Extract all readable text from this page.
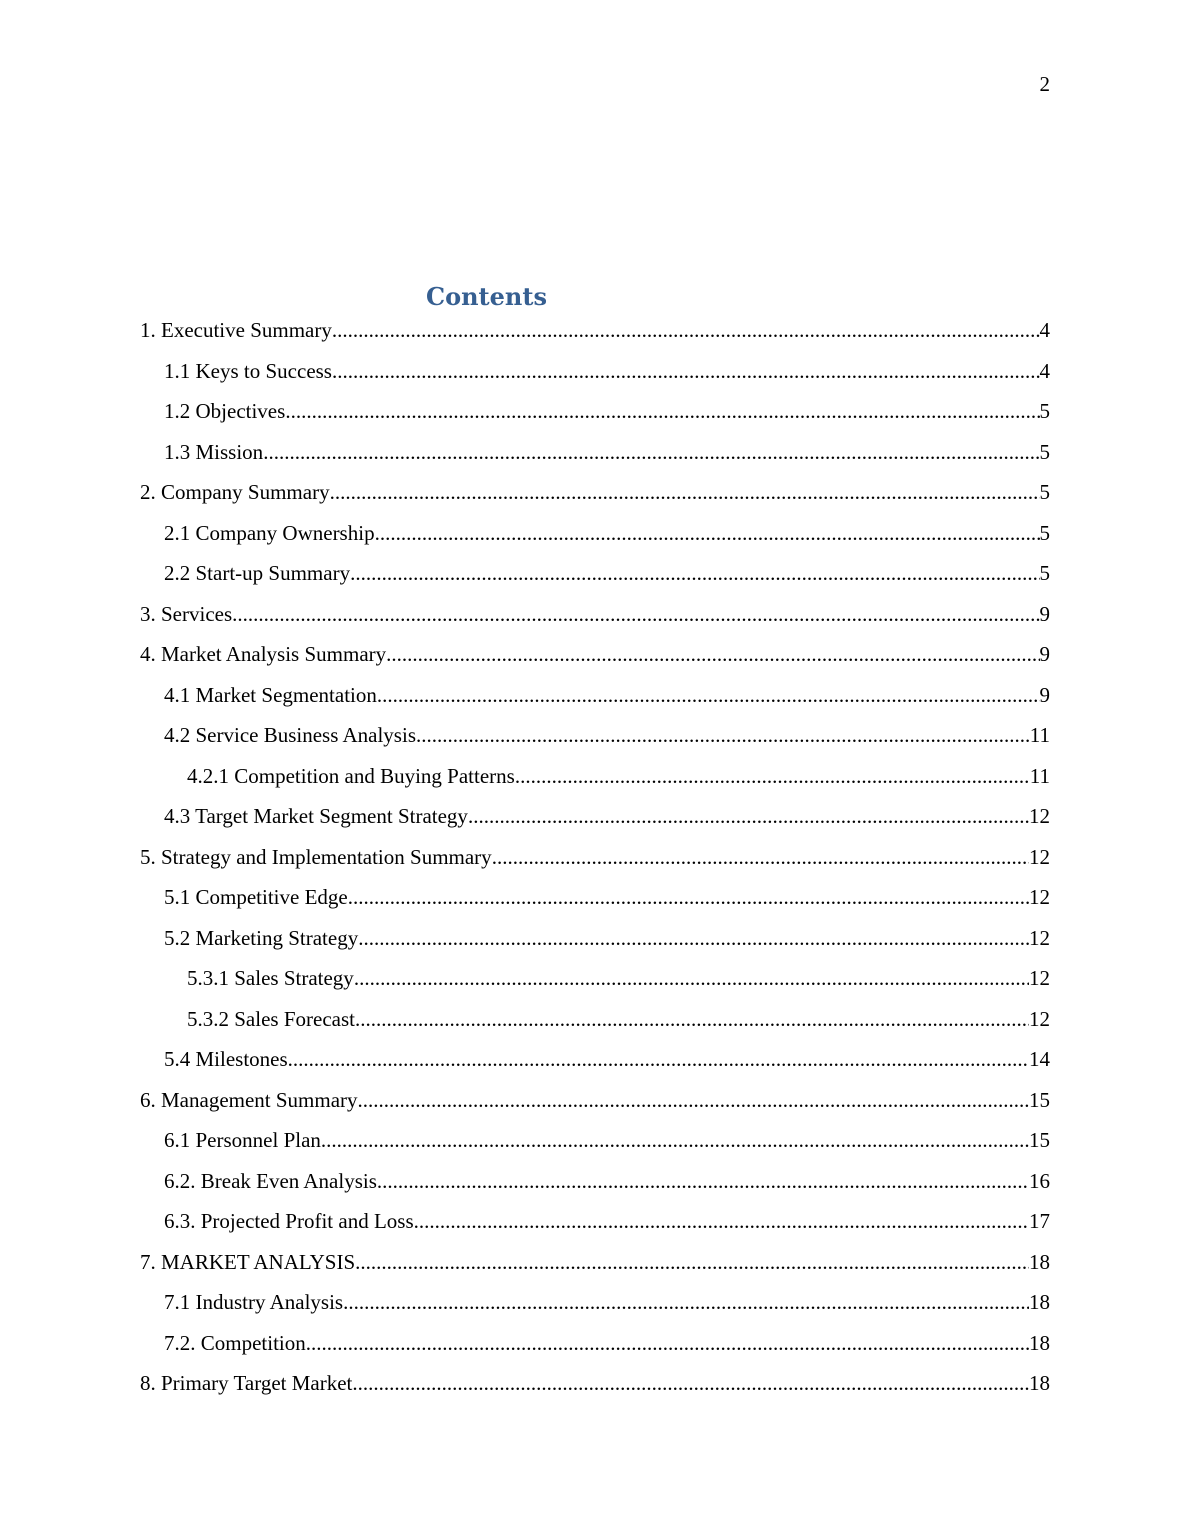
2
Contents
1. Executive Summary .....	4
1.1 Keys to Success .....	4
1.2 Objectives .....	5
1.3 Mission .....	5
2. Company Summary .....	5
2.1 Company Ownership .....	5
2.2 Start-up Summary .....	5
3. Services .....	9
4. Market Analysis Summary .....	9
4.1 Market Segmentation .....	9
4.2 Service Business Analysis .....	11
4.2.1 Competition and Buying Patterns .....	11
4.3 Target Market Segment Strategy .....	12
5. Strategy and Implementation Summary .....	12
5.1 Competitive Edge .....	12
5.2 Marketing Strategy .....	12
5.3.1 Sales Strategy .....	12
5.3.2 Sales Forecast .....	12
5.4 Milestones .....	14
6. Management Summary .....	15
6.1 Personnel Plan .....	15
6.2. Break Even Analysis .....	16
6.3. Projected Profit and Loss .....	17
7. MARKET ANALYSIS .....	18
7.1 Industry Analysis .....	18
7.2. Competition .....	18
8. Primary Target Market .....	18
